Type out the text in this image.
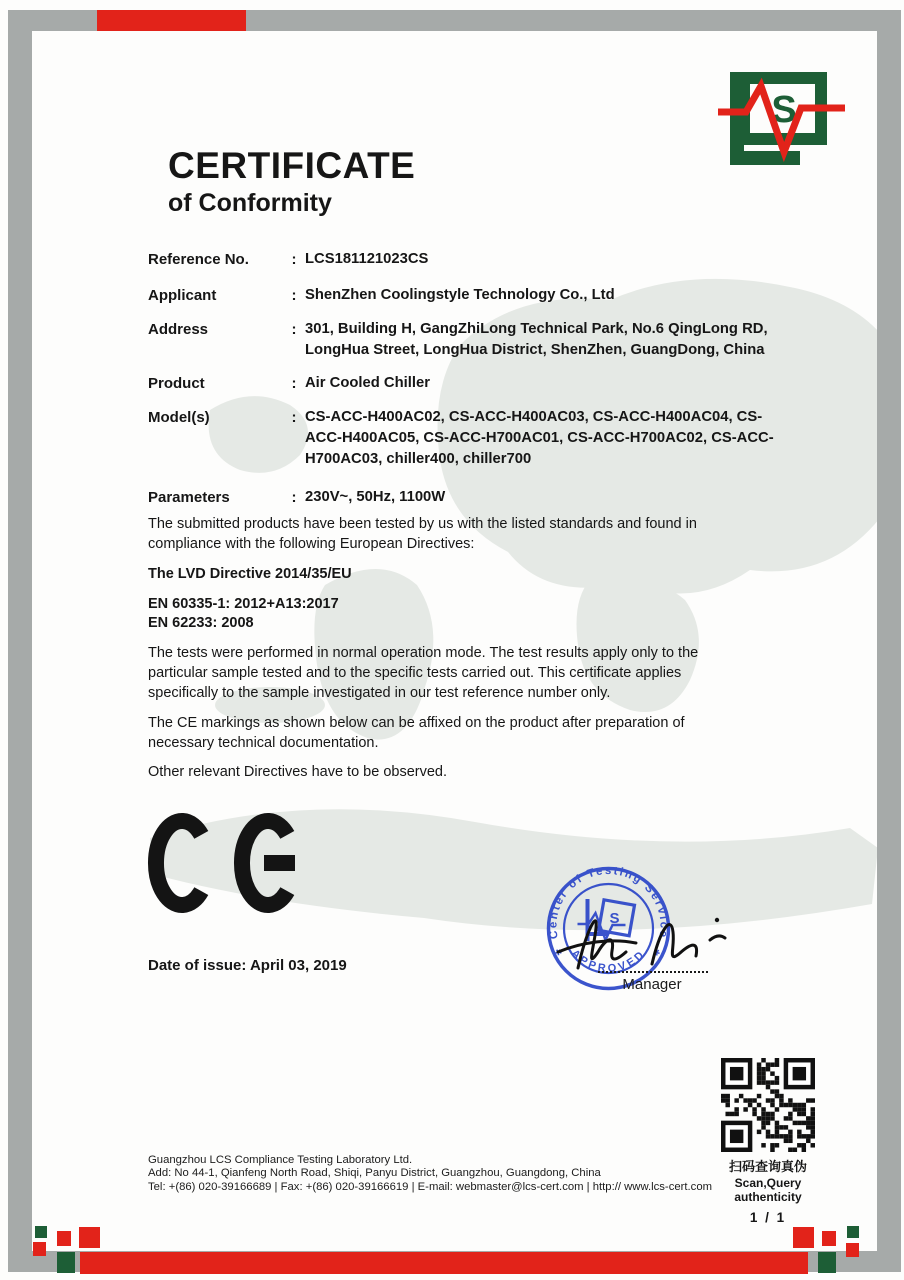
S
CERTIFICATE
of Conformity
Reference No.	: LCS181121023CS
Applicant	: ShenZhen Coolingstyle Technology Co., Ltd
Address	: 301, Building H, GangZhiLong Technical Park, No.6 QingLong RD, LongHua Street, LongHua District, ShenZhen, GuangDong, China
Product	: Air Cooled Chiller
Model(s)	: CS-ACC-H400AC02, CS-ACC-H400AC03, CS-ACC-H400AC04, CS-ACC-H400AC05, CS-ACC-H700AC01, CS-ACC-H700AC02, CS-ACC-H700AC03, chiller400, chiller700
Parameters	: 230V~, 50Hz, 1100W

The submitted products have been tested by us with the listed standards and found in compliance with the following European Directives:

The LVD Directive 2014/35/EU

EN 60335-1: 2012+A13:2017
EN 62233: 2008

The tests were performed in normal operation mode. The test results apply only to the particular sample tested and to the specific tests carried out. This certificate applies specifically to the sample investigated in our test reference number only.

The CE markings as shown below can be affixed on the product after preparation of necessary technical documentation.

Other relevant Directives have to be observed.

Date of issue: April 03, 2019
Center of Testing Service
APPROVED
*	*
S
Manager
扫码查询真伪
Scan,Query authenticity
1 / 1
Guangzhou LCS Compliance Testing Laboratory Ltd.
Add: No 44-1, Qianfeng North Road, Shiqi, Panyu District, Guangzhou, Guangdong, China
Tel: +(86) 020-39166689 | Fax: +(86) 020-39166619 | E-mail: webmaster@lcs-cert.com | http:// www.lcs-cert.com
